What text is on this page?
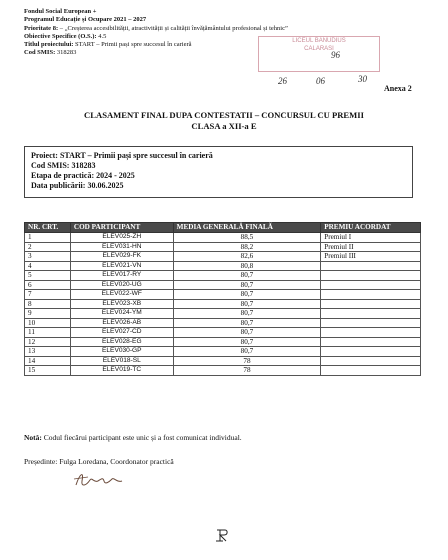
Fondul Social European +
Programul Educație și Ocupare 2021 – 2027
Prioritate 8: – „Creșterea accesibilității, atractivității și calității învățământului profesional și tehnic”
Obiective Specifice (O.S.): 4.5
Titlul proiectului: START – Primii pași spre succesul în carieră
Cod SMIS: 318283
LICEUL BANUDIUS
CALARASI
96
26	06	30
Anexa 2
CLASAMENT FINAL DUPA CONTESTATII – CONCURSUL CU PREMII
CLASA a XII-a E
Proiect: START – Primii pași spre succesul în carieră
Cod SMIS: 318283
Etapa de practică: 2024 - 2025
Data publicării: 30.06.2025
NR. CRT.	COD PARTICIPANT	MEDIA GENERALĂ FINALĂ	PREMIU ACORDAT
1	ELEV025-ZH	88,5	Premiul I
2	ELEV031-HN	88,2	Premiul II
3	ELEV029-FK	82,6	Premiul III
4	ELEV021-VN	80,8	
5	ELEV017-RY	80,7	
6	ELEV020-UG	80,7	
7	ELEV022-WF	80,7	
8	ELEV023-XB	80,7	
9	ELEV024-YM	80,7	
10	ELEV026-AB	80,7	
11	ELEV027-CD	80,7	
12	ELEV028-EG	80,7	
13	ELEV030-GP	80,7	
14	ELEV018-SL	78	
15	ELEV019-TC	78	
Notă: Codul fiecărui participant este unic și a fost comunicat individual.
Președinte: Fulga Loredana, Coordonator practică
